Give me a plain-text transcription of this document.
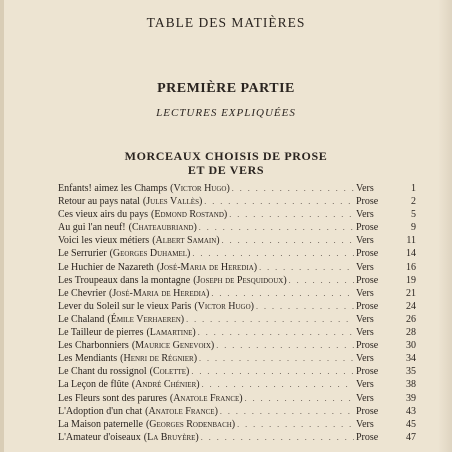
TABLE DES MATIÈRES
PREMIÈRE PARTIE
LECTURES EXPLIQUÉES
MORCEAUX CHOISIS DE PROSE
ET DE VERS
Enfants! aimez les Champs (Victor Hugo) . . .	Vers	1
Retour au pays natal (Jules Vallès) . . .	Prose	2
Ces vieux airs du pays (Edmond Rostand) . . .	Vers	5
Au gui l'an neuf! (Chateaubriand) . . .	Prose	9
Voici les vieux métiers (Albert Samain) . . .	Vers	11
Le Serrurier (Georges Duhamel) . . .	Prose	14
Le Huchier de Nazareth (José-Maria de Heredia) . . .	Vers	16
Les Troupeaux dans la montagne (Joseph de Pesquidoux) . . .	Prose	19
Le Chevrier (José-Maria de Heredia) . . .	Vers	21
Lever du Soleil sur le vieux Paris (Victor Hugo) . . .	Prose	24
Le Chaland (Émile Verhaeren) . . .	Vers	26
Le Tailleur de pierres (Lamartine) . . .	Vers	28
Les Charbonniers (Maurice Genevoix) . . .	Prose	30
Les Mendiants (Henri de Régnier) . . .	Vers	34
Le Chant du rossignol (Colette) . . .	Prose	35
La Leçon de flûte (André Chénier) . . .	Vers	38
Les Fleurs sont des parures (Anatole France) . . .	Vers	39
L'Adoption d'un chat (Anatole France) . . .	Prose	43
La Maison paternelle (Georges Rodenbach) . . .	Vers	45
L'Amateur d'oiseaux (La Bruyère) . . .	Prose	47
